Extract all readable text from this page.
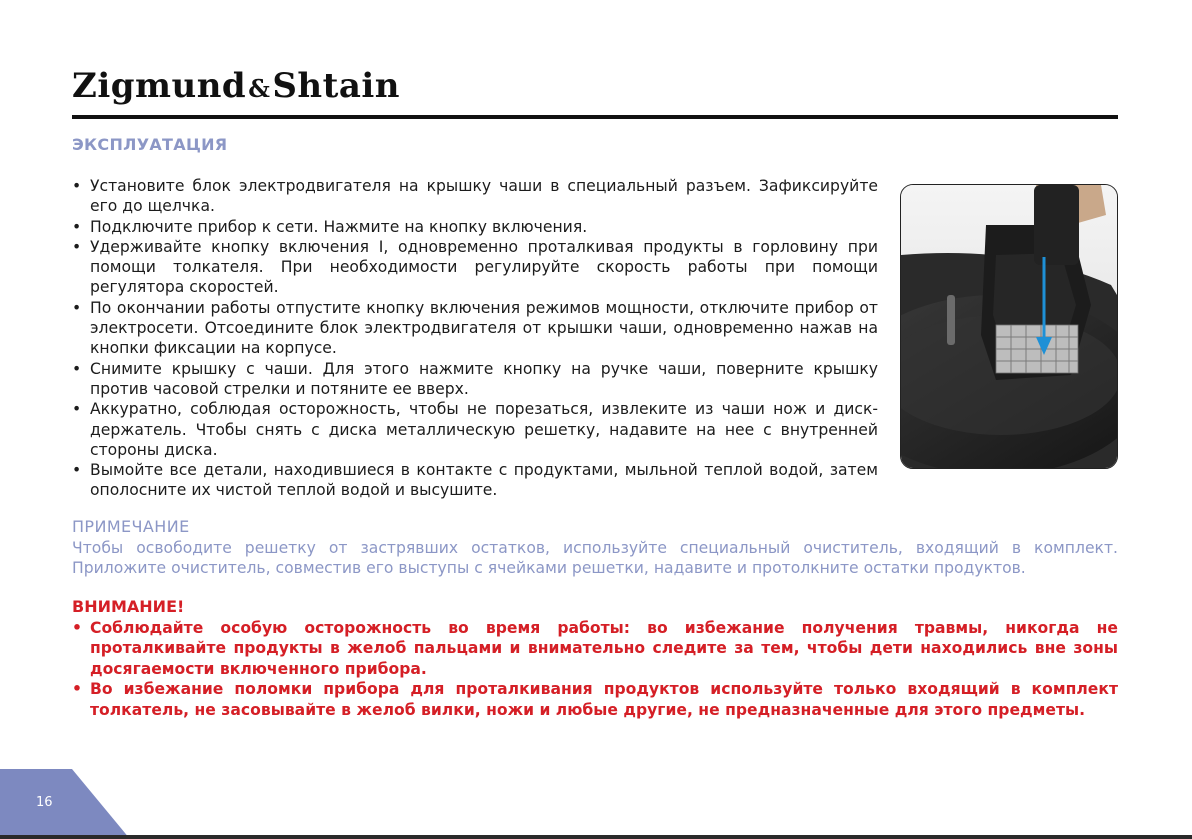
Zigmund&Shtain
ЭКСПЛУАТАЦИЯ
• Установите блок электродвигателя на крышку чаши в специальный разъем. Зафиксируйте его до щелчка.
• Подключите прибор к сети. Нажмите на кнопку включения.
• Удерживайте кнопку включения I, одновременно проталкивая продукты в горловину при помощи толкателя. При необходимости регулируйте скорость работы при помощи регулятора скоростей.
• По окончании работы отпустите кнопку включения режимов мощности, отключите прибор от электросети. Отсоедините блок электродвигателя от крышки чаши, одновременно нажав на кнопки фиксации на корпусе.
• Снимите крышку с чаши. Для этого нажмите кнопку на ручке чаши, поверните крышку против часовой стрелки и потяните ее вверх.
• Аккуратно, соблюдая осторожность, чтобы не порезаться, извлеките из чаши нож и диск-держатель. Чтобы снять с диска металлическую решетку, надавите на нее с внутренней стороны диска.
• Вымойте все детали, находившиеся в контакте с продуктами, мыльной теплой водой, затем ополосните их чистой теплой водой и высушите.
ПРИМЕЧАНИЕ
Чтобы освободите решетку от застрявших остатков, используйте специальный очиститель, входящий в комплект. Приложите очиститель, совместив его выступы с ячейками решетки, надавите и протолкните остатки продуктов.
ВНИМАНИЕ!
• Соблюдайте особую осторожность во время работы: во избежание получения травмы, никогда не проталкивайте продукты в желоб пальцами и внимательно следите за тем, чтобы дети находились вне зоны досягаемости включенного прибора.
• Во избежание поломки прибора для проталкивания продуктов используйте только входящий в комплект толкатель, не засовывайте в желоб вилки, ножи и любые другие, не предназначенные для этого предметы.
16
